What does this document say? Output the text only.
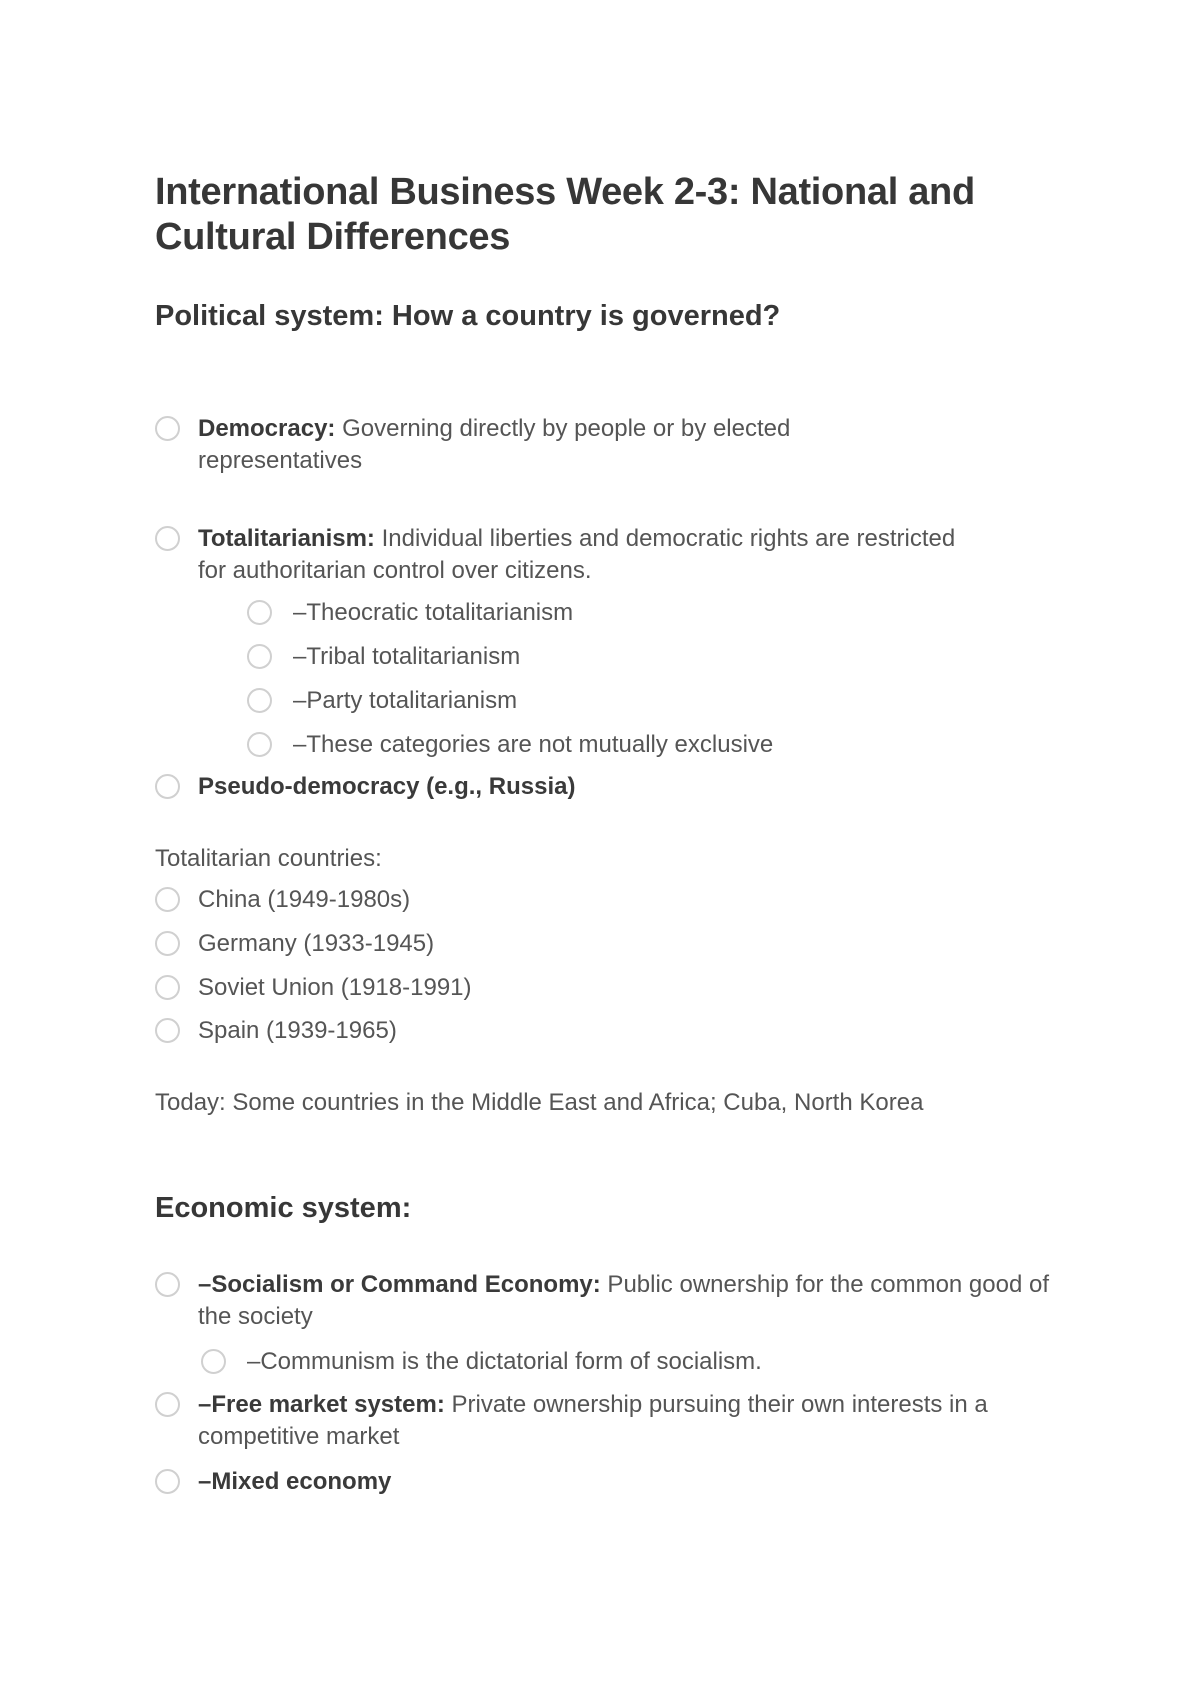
International Business Week 2-3: National and Cultural Differences
Political system: How a country is governed?
Democracy: Governing directly by people or by elected representatives
Totalitarianism: Individual liberties and democratic rights are restricted for authoritarian control over citizens.
–Theocratic totalitarianism
–Tribal totalitarianism
–Party totalitarianism
–These categories are not mutually exclusive
Pseudo-democracy (e.g., Russia)

Totalitarian countries:

China (1949-1980s)
Germany (1933-1945)
Soviet Union (1918-1991)
Spain (1939-1965)

Today: Some countries in the Middle East and Africa; Cuba, North Korea

Economic system:
–Socialism or Command Economy: Public ownership for the common good of the society
–Communism is the dictatorial form of socialism.
–Free market system: Private ownership pursuing their own interests in a competitive market
–Mixed economy
